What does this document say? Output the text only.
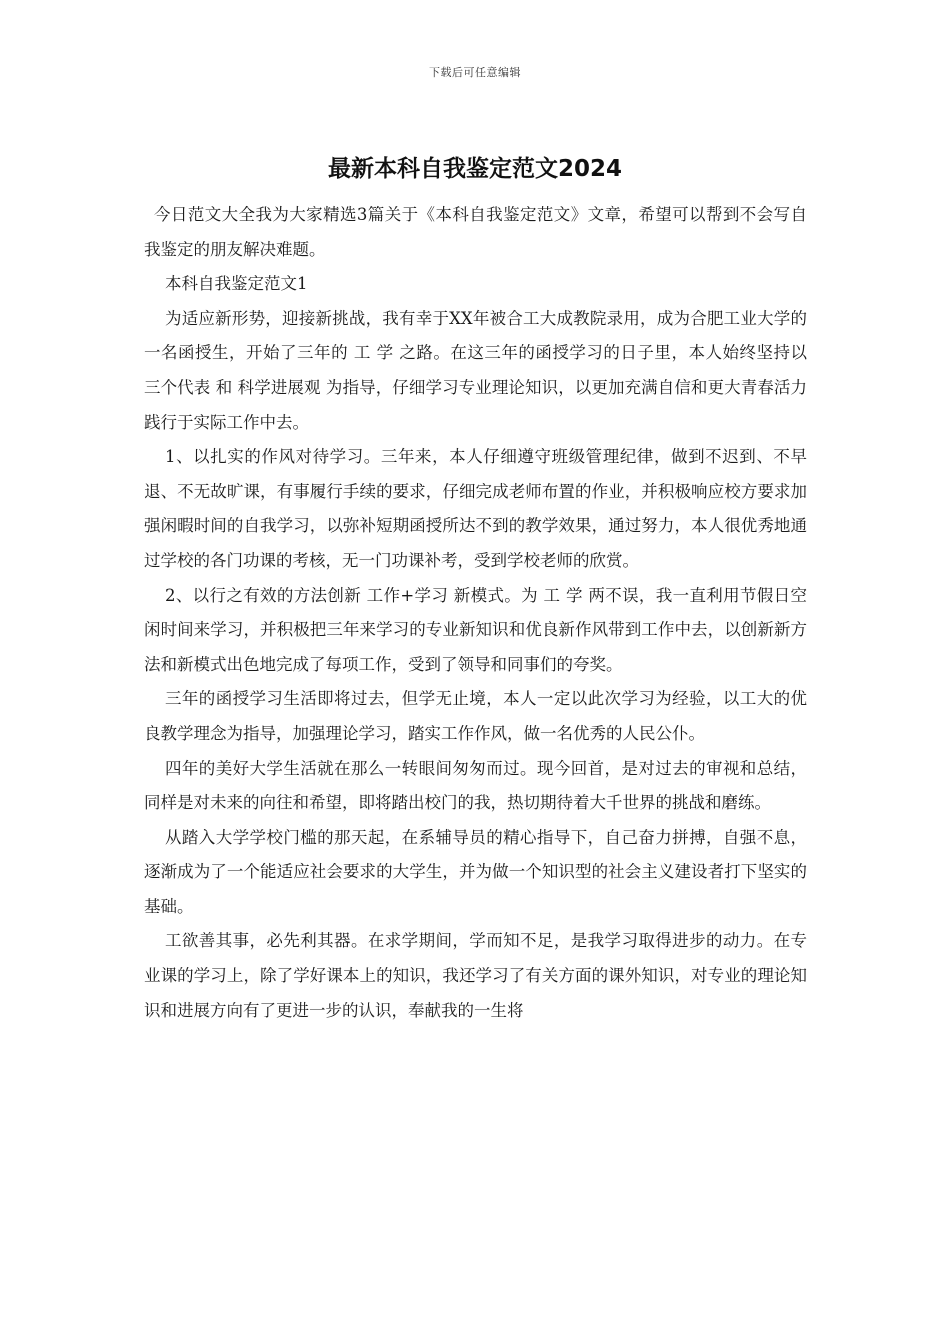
下载后可任意编辑
最新本科自我鉴定范文2024

今日范文大全我为大家精选3篇关于《本科自我鉴定范文》文章，希望可以帮到不会写自我鉴定的朋友解决难题。

本科自我鉴定范文1

为适应新形势，迎接新挑战，我有幸于XX年被合工大成教院录用，成为合肥工业大学的一名函授生，开始了三年的 工 学 之路。在这三年的函授学习的日子里，本人始终坚持以 三个代表 和 科学进展观 为指导，仔细学习专业理论知识，以更加充满自信和更大青春活力践行于实际工作中去。

1、以扎实的作风对待学习。三年来，本人仔细遵守班级管理纪律，做到不迟到、不早退、不无故旷课，有事履行手续的要求，仔细完成老师布置的作业，并积极响应校方要求加强闲暇时间的自我学习，以弥补短期函授所达不到的教学效果，通过努力，本人很优秀地通过学校的各门功课的考核，无一门功课补考，受到学校老师的欣赏。

2、以行之有效的方法创新 工作+学习 新模式。为 工 学 两不误，我一直利用节假日空闲时间来学习，并积极把三年来学习的专业新知识和优良新作风带到工作中去，以创新新方法和新模式出色地完成了每项工作，受到了领导和同事们的夸奖。

三年的函授学习生活即将过去，但学无止境，本人一定以此次学习为经验，以工大的优良教学理念为指导，加强理论学习，踏实工作作风，做一名优秀的人民公仆。

四年的美好大学生活就在那么一转眼间匆匆而过。现今回首，是对过去的审视和总结，同样是对未来的向往和希望，即将踏出校门的我，热切期待着大千世界的挑战和磨练。

从踏入大学学校门槛的那天起，在系辅导员的精心指导下，自己奋力拼搏，自强不息，逐渐成为了一个能适应社会要求的大学生，并为做一个知识型的社会主义建设者打下坚实的基础。

工欲善其事，必先利其器。在求学期间，学而知不足，是我学习取得进步的动力。在专业课的学习上，除了学好课本上的知识，我还学习了有关方面的课外知识，对专业的理论知识和进展方向有了更进一步的认识，奉献我的一生将
